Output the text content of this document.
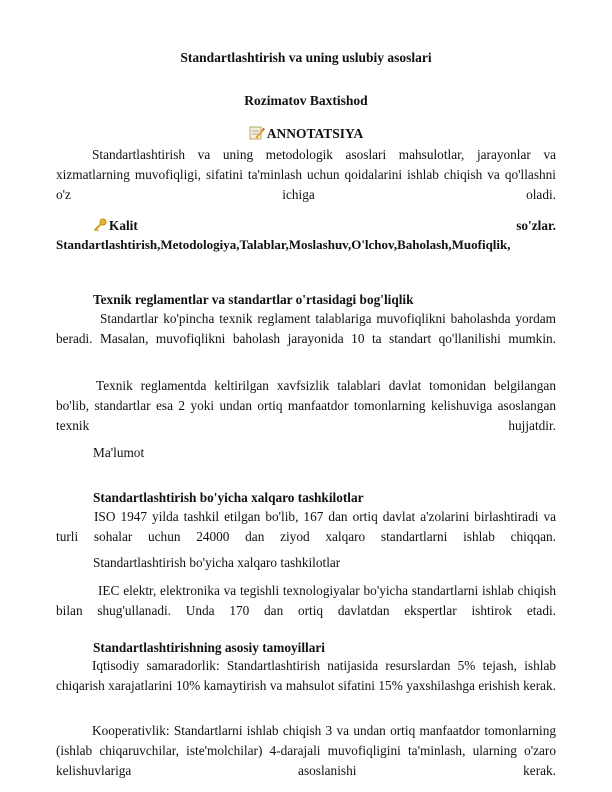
Standartlashtirish va uning uslubiy asoslari
Rozimatov Baxtishod
ANNOTATSIYA
Standartlashtirish va uning metodologik asoslari mahsulotlar, jarayonlar va xizmatlarning muvofiqligi, sifatini ta'minlash uchun qoidalarini ishlab chiqish va qo'llashni o'z ichiga oladi.
Kalit	so'zlar.
Standartlashtirish,Metodologiya,Talablar,Moslashuv,O'lchov,Baholash,Muofiqlik,
Texnik reglamentlar va standartlar o'rtasidagi bog'liqlik
Standartlar ko'pincha texnik reglament talablariga muvofiqlikni baholashda yordam beradi. Masalan, muvofiqlikni baholash jarayonida 10 ta standart qo'llanilishi mumkin.
Texnik reglamentda keltirilgan xavfsizlik talablari davlat tomonidan belgilangan bo'lib, standartlar esa 2 yoki undan ortiq manfaatdor tomonlarning kelishuviga asoslangan texnik hujjatdir.
Ma'lumot
Standartlashtirish bo'yicha xalqaro tashkilotlar
ISO 1947 yilda tashkil etilgan bo'lib, 167 dan ortiq davlat a'zolarini birlashtiradi va turli sohalar uchun 24000 dan ziyod xalqaro standartlarni ishlab chiqqan.
Standartlashtirish bo'yicha xalqaro tashkilotlar
IEC elektr, elektronika va tegishli texnologiyalar bo'yicha standartlarni ishlab chiqish bilan shug'ullanadi. Unda 170 dan ortiq davlatdan ekspertlar ishtirok etadi.
Standartlashtirishning asosiy tamoyillari
Iqtisodiy samaradorlik: Standartlashtirish natijasida resurslardan 5% tejash, ishlab chiqarish xarajatlarini 10% kamaytirish va mahsulot sifatini 15% yaxshilashga erishish kerak.
Kooperativlik: Standartlarni ishlab chiqish 3 va undan ortiq manfaatdor tomonlarning (ishlab chiqaruvchilar, iste'molchilar) 4-darajali muvofiqligini ta'minlash, ularning o'zaro kelishuvlariga asoslanishi kerak.
